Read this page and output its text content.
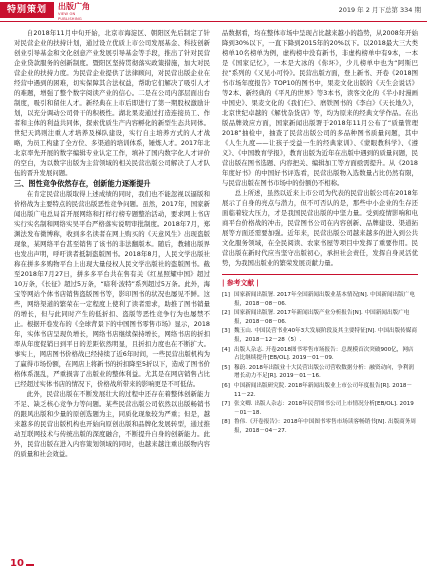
特别策划	出版广角
VIEW ON PUBLISHING
2019 年 2 月下总第 334 期

自2018年11月中旬开始，北京市海淀区、朝阳区先后制定了针对民营企业的扶持计划，通过设立优质上市公司发展基金、科技创新创业引导基金和文化创意产业发展引导基金等手段，推出了针对民营企业贷款服务的创新制度。暨阳区坚持贯彻落实政策措施，加大对民营企业的扶持力度。为民营企业提供了法律顾问，对民营出版企业在经营中遇到的困难，切实保障其合法权益，帮助它们解决了吸引人才的难题，增强了整个数字阅读产业的信心。二是在公司内部层面出台制度，吸引和留住人才。新经典在上市后即进行了第一期股权激励计划，以充分调动公司骨干的积极性。湖北果麦通过打造连接员工、作者和主体的利益共同体，探索优质生产内容孵化的新型生态共同体。世纪天鸿则注重人才培养及梯队建设，实行自主培养方式的人才战略，为员工构建了全方位、多渠道的培训体系，锤炼人才。2017年北北京率先开展的数字编辑专业认定工作，填补了国内数字化人才评价的空白，为以数字出版为主营领域的相关民营出版公司解决了人才队伍的晋升发展问题。

三、图性竞争依然存在，创新能力逐渐提升

在肯定民营出版取得上述成绩的同时，我们也不能忽视以逼版和价格战为主要特点的民营出版恶性竞争问题。虽然，2017年，国家新闻出版广电总局首开展网络和打样行榜专题整治活动，要求网上书店实行实名制和网络实吴平台严格落实说明审批制度。2018年7月，郑渊法发布微博称，收到多名读者在网上购买的《天意风生》出现盗版现象，某网络平台甚至销售了该书的非法翻版本。随后，教辅出版界也发出声明，呼吁读者抵制盗版图书。2018年8月，人民文学出版社称在拼多多购物平台上出现大量侵权人民文学出版社的盗版图书。截至2018年7月27日，拼多多平台共在售有关《红星照耀中国》超过10万条，《长征》超过5万条，“暗利·波特”系列超过5万条。此外，海宝等网站个体书店销售盗版图书等，影印图书的状况也屡见不鲜。这些，网络渠道的繁荣在一定程度上使利了读者需求，助推了图书销量的增长，但与此同时产生的低折扣、盗版等恶性竞争行为也屡禁不止。根据开卷发布的《全球背景下的中国图书零售市场》显示，2018年，实体书店呈现负增长，网络书店继续保持增长，网络书店的折扣率从年度促销日到平日的差距依然明显，且折扣力度也在不断扩大。事实上，网店图书价格战已经持续了近6年时间，一些民营出版机构为了赢得市场份额，在网店上将新书的折扣降至5折以下，造成了图书价格体系混乱，严重损害了出版业的整体利益。尤其是在网店销售占比已经超过实体书店的情况下，价格战所带来的影响更是不可低估。

此外，民营出版在不断发展壮大的过程中还存在着整体创新能力不足、缺乏核心竞争力等问题。某些民营出版公司依然以出版畅销书的跟风出版和少量的原创选题为主，同质化现象较为严重；但是，越来越多的民营出版机构也开始向原创出版和品牌化发展转型，通过推动互联网技术与传统出版的深度融合，不断提升自身的创新能力。此外，民营出版在进入内容策划领域的同时，也越来越注重出版物内容的质量和社会效益。

品数据看，均在整体市场中呈现占比越来越小的趋势，从2008年开始降到30%以下，一直下降到2015年的20%以下。以2018最大三大类榜单10名榜单为例，虚构榜中没有新书，非虚构榜单中有9本，一本是《国家记忆》，一本是大冰的《你坏》，少儿榜单中也为“阿斯巴拉”系列的《又见小可怜》。民营出版方面，登上新书、开卷《2018图书市场年度报告》TOP10的图书中，果麦文化出版的《天生会说话》等2本、新经典的《平凡的世界》等3本书，读客文化的《半小时漫画中国史》、果麦文化的《我们仨》、磨铁图书的《李白》《天长地久》，北京世纪卓越的《解忧杂货店》等，均为原来的经典文学作品。在出版品牌效应方面，国家新闻出版署于2018年11月公布了“质量管理2018”抽检中，抽查了民营出版公司的多品种图书质量问题，其中《人生九度——让孩子受益一生的经典家训》、《蒙眼教科学》、《遵义》、《中国教育学报》，教育出版为近年在出版中遇到的质量问题，民营出版在图书选题、内容把关、编辑加工等方面亟需提升。从《2018年度好书》的中国好书评选看，民营出版物入选数量占比仍然有限，与民营出版在图书市场中的份额仍不相称。

总上所述，虽然以近来上市公司为代表的民营出版公司在2018年展示了自身的亮点与潜力，但不可否认的是，那些中小企业的生存还面临着较大压力，才是我国民营出版的中坚力量。受到疫情影响和电商平台价格战的冲击，民营图书公司在内容创新、品牌建设、渠道拓展等方面还需要加强。近年来，民营出版公司越来越多的进入到公共文化服务领域，在全民阅读、农家书屋等项目中发挥了重要作用。民营出版在新时代应当坚守出版初心，承担社会责任，发挥自身灵活优势，为我国出版业的繁荣发展贡献力量。

| 参考文献 |
[1] 国家新闻出版署. 2017年全国新闻出版业基本情况[N]. 中国新闻出版广电报，2018－08－06.
[2] 国家新闻出版署. 2017年新闻出版产业分析报告[N]. 中国新闻出版广电报，2018－08－06.
[3] 魏玉山. 中国民营书业40年3大发展阶段及其主要特征[N]. 中国出版传媒商报，2018－12－28（5）.
[4] 出版人杂志. 开卷2018图书零售市场报告：总规模首次突破900亿，网店占比继续提升[EB/OL]. 2019－01－09.
[5] 穆蔚. 2018年出版业十大民营出版公司营收数据分析：融资动向，争利润增长动力不足[R]. 2019－01－16.
[6] 中国新闻出版研究院. 2018年新闻出版业上市公司年度报告[R]. 2018－11－22.
[7] 张文卿. 出版人杂志：2018年民营图书公司上市情况分析[EB/OL]. 2019－01－18.
[8] 鲁伟.《开卷报告》：2018年中国图书零售市场读客畅销书[N]. 出版商务周报，2018－04－27.
10
